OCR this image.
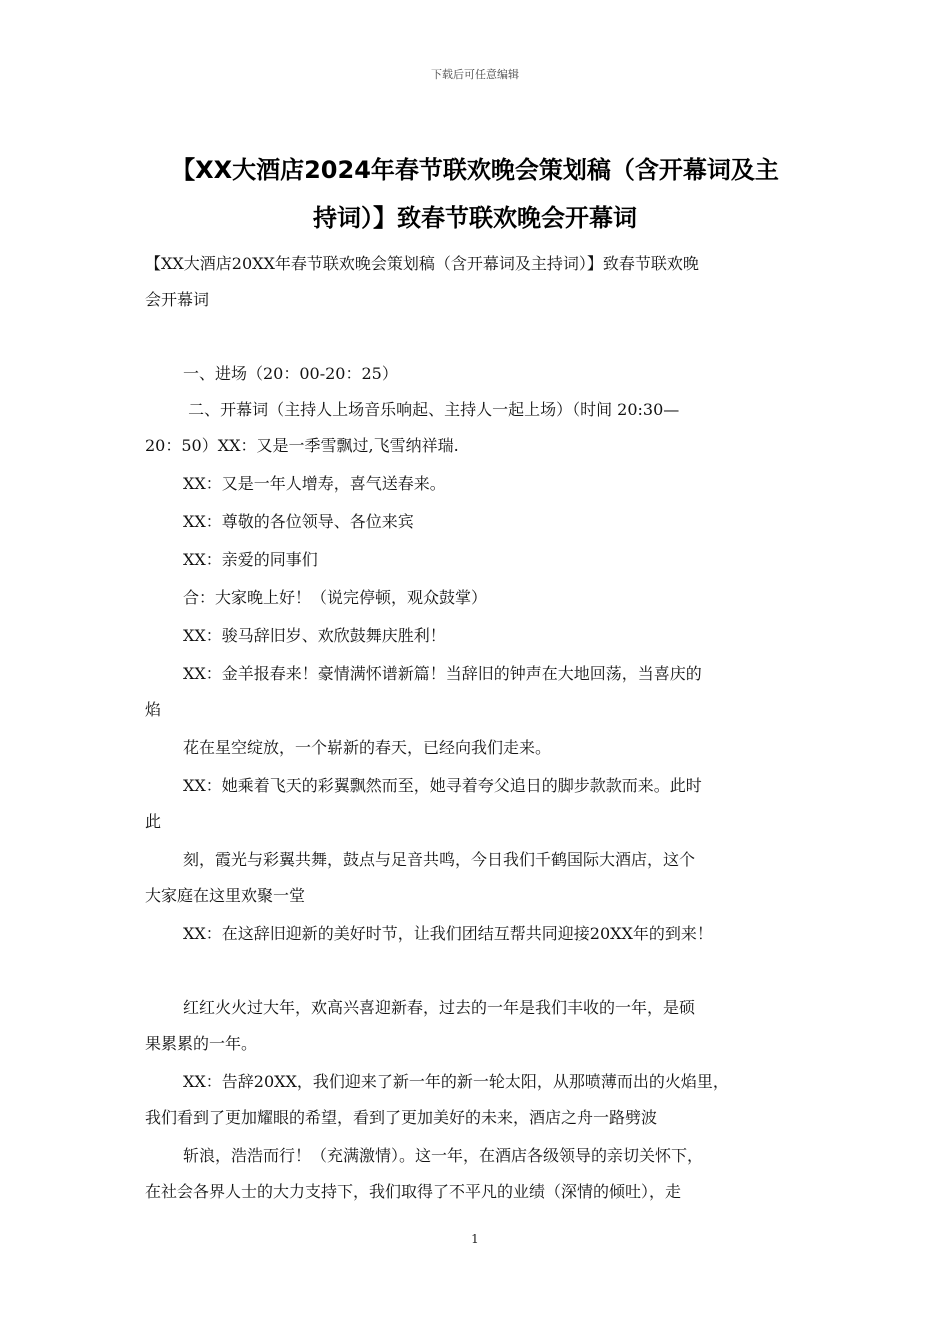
下载后可任意编辑
【XX大酒店2024年春节联欢晚会策划稿（含开幕词及主
持词）】致春节联欢晚会开幕词

【XX大酒店20XX年春节联欢晚会策划稿（含开幕词及主持词）】致春节联欢晚

会开幕词

一、进场（20：00-20：25）

二、开幕词（主持人上场音乐响起、主持人一起上场）（时间 20:30—

20：50）XX：又是一季雪飘过,飞雪纳祥瑞.

XX：又是一年人增寿，喜气送春来。

XX：尊敬的各位领导、各位来宾

XX：亲爱的同事们

合：大家晚上好！（说完停顿，观众鼓掌）

XX：骏马辞旧岁、欢欣鼓舞庆胜利！

XX：金羊报春来！豪情满怀谱新篇！当辞旧的钟声在大地回荡，当喜庆的

焰

花在星空绽放，一个崭新的春天，已经向我们走来。

XX：她乘着飞天的彩翼飘然而至，她寻着夸父追日的脚步款款而来。此时

此

刻，霞光与彩翼共舞，鼓点与足音共鸣，今日我们千鹤国际大酒店，这个

大家庭在这里欢聚一堂

XX：在这辞旧迎新的美好时节，让我们团结互帮共同迎接20XX年的到来！

红红火火过大年，欢高兴喜迎新春，过去的一年是我们丰收的一年，是硕

果累累的一年。

XX：告辞20XX，我们迎来了新一年的新一轮太阳，从那喷薄而出的火焰里，

我们看到了更加耀眼的希望，看到了更加美好的未来，酒店之舟一路劈波

斩浪，浩浩而行！（充满激情）。这一年，在酒店各级领导的亲切关怀下，

在社会各界人士的大力支持下，我们取得了不平凡的业绩（深情的倾吐），走

1
